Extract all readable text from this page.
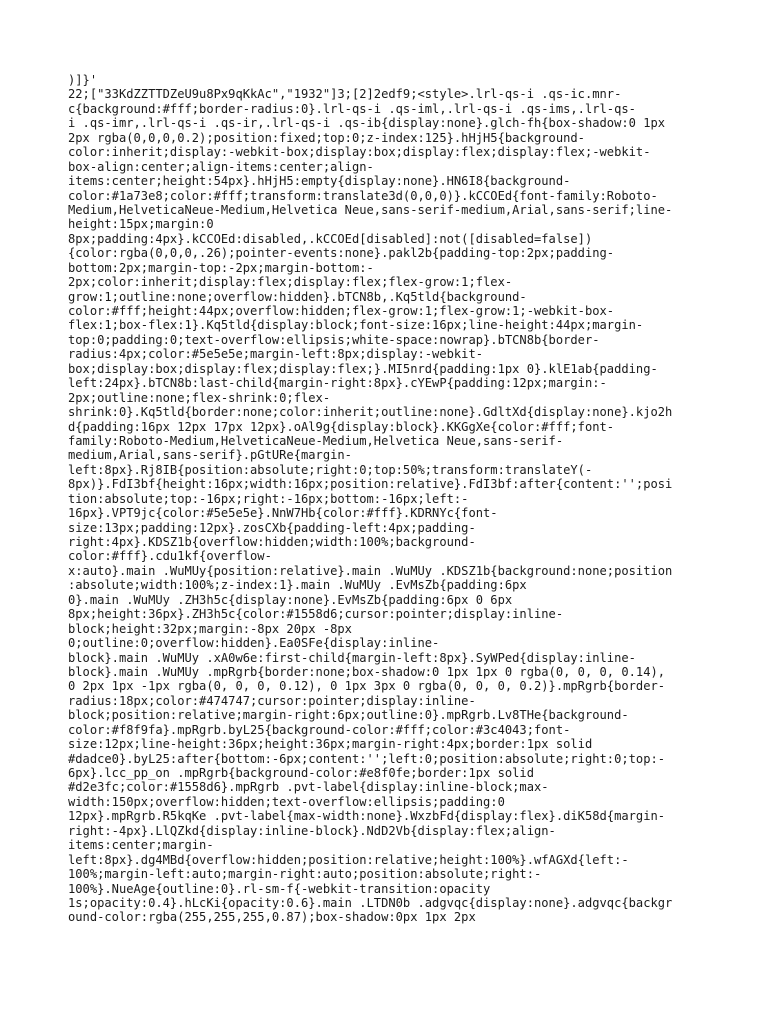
)]}'
22;["33KdZZTTDZeU9u8Px9qKkAc","1932"]3;[2]2edf9;<style>.lrl-qs-i .qs-ic.mnr-
c{background:#fff;border-radius:0}.lrl-qs-i .qs-iml,.lrl-qs-i .qs-ims,.lrl-qs-
i .qs-imr,.lrl-qs-i .qs-ir,.lrl-qs-i .qs-ib{display:none}.glch-fh{box-shadow:0 1px
2px rgba(0,0,0,0.2);position:fixed;top:0;z-index:125}.hHjH5{background-
color:inherit;display:-webkit-box;display:box;display:flex;display:flex;-webkit-
box-align:center;align-items:center;align-
items:center;height:54px}.hHjH5:empty{display:none}.HN6I8{background-
color:#1a73e8;color:#fff;transform:translate3d(0,0,0)}.kCCOEd{font-family:Roboto-
Medium,HelveticaNeue-Medium,Helvetica Neue,sans-serif-medium,Arial,sans-serif;line-
height:15px;margin:0
8px;padding:4px}.kCCOEd:disabled,.kCCOEd[disabled]:not([disabled=false])
{color:rgba(0,0,0,.26);pointer-events:none}.pakl2b{padding-top:2px;padding-
bottom:2px;margin-top:-2px;margin-bottom:-
2px;color:inherit;display:flex;display:flex;flex-grow:1;flex-
grow:1;outline:none;overflow:hidden}.bTCN8b,.Kq5tld{background-
color:#fff;height:44px;overflow:hidden;flex-grow:1;flex-grow:1;-webkit-box-
flex:1;box-flex:1}.Kq5tld{display:block;font-size:16px;line-height:44px;margin-
top:0;padding:0;text-overflow:ellipsis;white-space:nowrap}.bTCN8b{border-
radius:4px;color:#5e5e5e;margin-left:8px;display:-webkit-
box;display:box;display:flex;display:flex;}.MI5nrd{padding:1px 0}.klE1ab{padding-
left:24px}.bTCN8b:last-child{margin-right:8px}.cYEwP{padding:12px;margin:-
2px;outline:none;flex-shrink:0;flex-
shrink:0}.Kq5tld{border:none;color:inherit;outline:none}.GdltXd{display:none}.kjo2h
d{padding:16px 12px 17px 12px}.oAl9g{display:block}.KKGgXe{color:#fff;font-
family:Roboto-Medium,HelveticaNeue-Medium,Helvetica Neue,sans-serif-
medium,Arial,sans-serif}.pGtURe{margin-
left:8px}.Rj8IB{position:absolute;right:0;top:50%;transform:translateY(-
8px)}.FdI3bf{height:16px;width:16px;position:relative}.FdI3bf:after{content:'';posi
tion:absolute;top:-16px;right:-16px;bottom:-16px;left:-
16px}.VPT9jc{color:#5e5e5e}.NnW7Hb{color:#fff}.KDRNYc{font-
size:13px;padding:12px}.zosCXb{padding-left:4px;padding-
right:4px}.KDSZ1b{overflow:hidden;width:100%;background-
color:#fff}.cdu1kf{overflow-
x:auto}.main .WuMUy{position:relative}.main .WuMUy .KDSZ1b{background:none;position
:absolute;width:100%;z-index:1}.main .WuMUy .EvMsZb{padding:6px
0}.main .WuMUy .ZH3h5c{display:none}.EvMsZb{padding:6px 0 6px
8px;height:36px}.ZH3h5c{color:#1558d6;cursor:pointer;display:inline-
block;height:32px;margin:-8px 20px -8px
0;outline:0;overflow:hidden}.Ea0SFe{display:inline-
block}.main .WuMUy .xA0w6e:first-child{margin-left:8px}.SyWPed{display:inline-
block}.main .WuMUy .mpRgrb{border:none;box-shadow:0 1px 1px 0 rgba(0, 0, 0, 0.14),
0 2px 1px -1px rgba(0, 0, 0, 0.12), 0 1px 3px 0 rgba(0, 0, 0, 0.2)}.mpRgrb{border-
radius:18px;color:#474747;cursor:pointer;display:inline-
block;position:relative;margin-right:6px;outline:0}.mpRgrb.Lv8THe{background-
color:#f8f9fa}.mpRgrb.byL25{background-color:#fff;color:#3c4043;font-
size:12px;line-height:36px;height:36px;margin-right:4px;border:1px solid
#dadce0}.byL25:after{bottom:-6px;content:'';left:0;position:absolute;right:0;top:-
6px}.lcc_pp_on .mpRgrb{background-color:#e8f0fe;border:1px solid
#d2e3fc;color:#1558d6}.mpRgrb .pvt-label{display:inline-block;max-
width:150px;overflow:hidden;text-overflow:ellipsis;padding:0
12px}.mpRgrb.R5kqKe .pvt-label{max-width:none}.WxzbFd{display:flex}.diK58d{margin-
right:-4px}.LlQZkd{display:inline-block}.NdD2Vb{display:flex;align-
items:center;margin-
left:8px}.dg4MBd{overflow:hidden;position:relative;height:100%}.wfAGXd{left:-
100%;margin-left:auto;margin-right:auto;position:absolute;right:-
100%}.NueAge{outline:0}.rl-sm-f{-webkit-transition:opacity
1s;opacity:0.4}.hLcKi{opacity:0.6}.main .LTDN0b .adgvqc{display:none}.adgvqc{backgr
ound-color:rgba(255,255,255,0.87);box-shadow:0px 1px 2px
